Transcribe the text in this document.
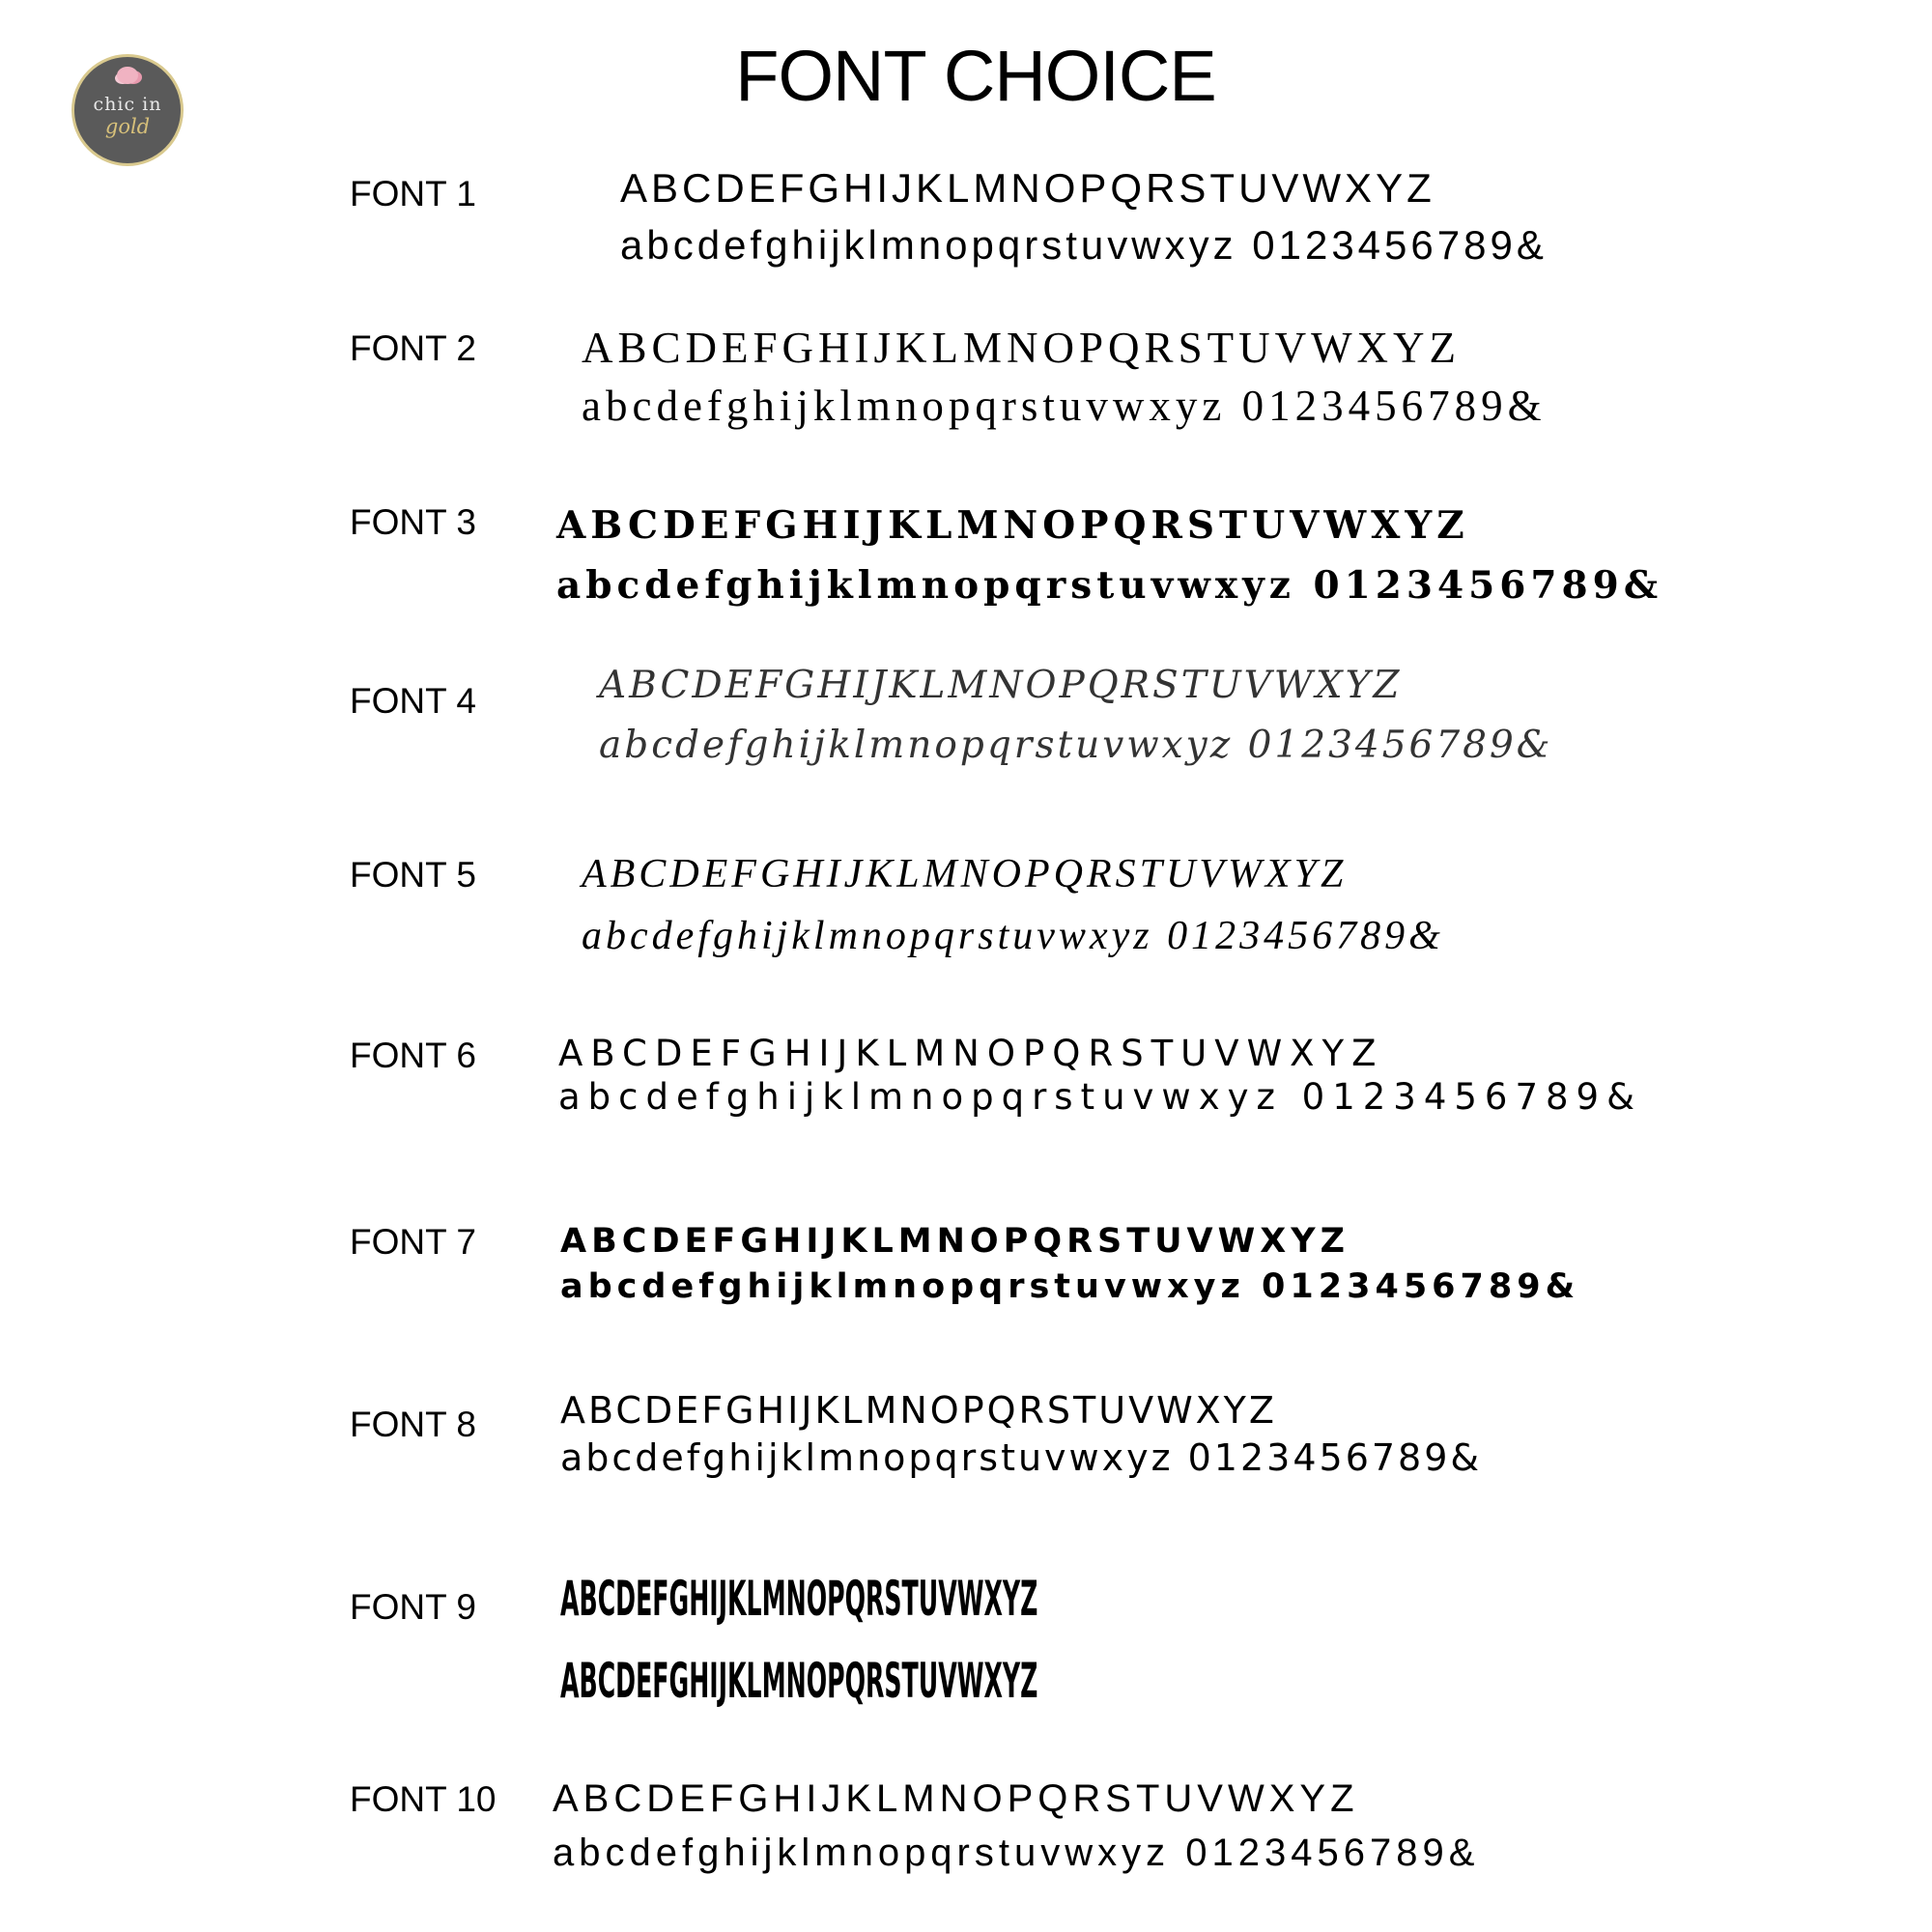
chic in
gold
FONT CHOICE
FONT 1	ABCDEFGHIJKLMNOPQRSTUVWXYZ
abcdefghijklmnopqrstuvwxyz 0123456789&
FONT 2 ABCDEFGHIJKLMNOPQRSTUVWXYZ
abcdefghijklmnopqrstuvwxyz 0123456789&
FONT 3 ABCDEFGHIJKLMNOPQRSTUVWXYZ
abcdefghijklmnopqrstuvwxyz 0123456789&
FONT 4	ABCDEFGHIJKLMNOPQRSTUVWXYZ
abcdefghijklmnopqrstuvwxyz 0123456789&
FONT 5	ABCDEFGHIJKLMNOPQRSTUVWXYZ
abcdefghijklmnopqrstuvwxyz 0123456789&
FONT 6 ABCDEFGHIJKLMNOPQRSTUVWXYZ
abcdefghijklmnopqrstuvwxyz 0123456789&
FONT 7 ABCDEFGHIJKLMNOPQRSTUVWXYZ
abcdefghijklmnopqrstuvwxyz 0123456789&
FONT 8 ABCDEFGHIJKLMNOPQRSTUVWXYZ
abcdefghijklmnopqrstuvwxyz 0123456789&
FONT 9 ABCDEFGHIJKLMNOPQRSTUVWXYZ
ABCDEFGHIJKLMNOPQRSTUVWXYZ
FONT 10 ABCDEFGHIJKLMNOPQRSTUVWXYZ
abcdefghijklmnopqrstuvwxyz 0123456789&
